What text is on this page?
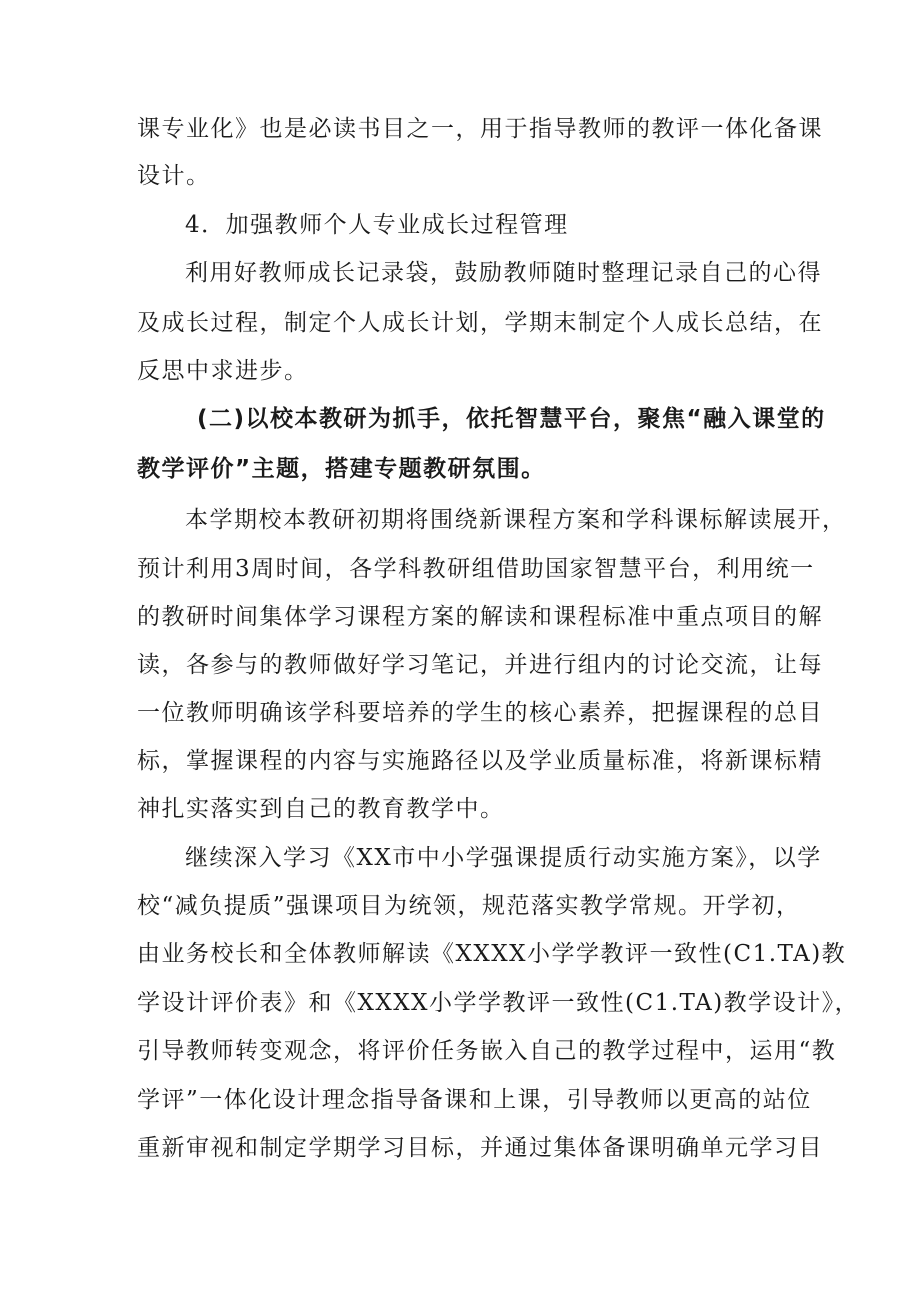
课专业化》也是必读书目之一，用于指导教师的教评一体化备课
设计。
4．加强教师个人专业成长过程管理
利用好教师成长记录袋，鼓励教师随时整理记录自己的心得
及成长过程，制定个人成长计划，学期末制定个人成长总结，在
反思中求进步。
(二)以校本教研为抓手，依托智慧平台，聚焦“融入课堂的
教学评价”主题，搭建专题教研氛围。
本学期校本教研初期将围绕新课程方案和学科课标解读展开，
预计利用3周时间，各学科教研组借助国家智慧平台，利用统一
的教研时间集体学习课程方案的解读和课程标准中重点项目的解
读，各参与的教师做好学习笔记，并进行组内的讨论交流，让每
一位教师明确该学科要培养的学生的核心素养，把握课程的总目
标，掌握课程的内容与实施路径以及学业质量标准，将新课标精
神扎实落实到自己的教育教学中。
继续深入学习《XX市中小学强课提质行动实施方案》，以学
校“减负提质”强课项目为统领，规范落实教学常规。开学初，
由业务校长和全体教师解读《XXXX小学学教评一致性(C1.TA)教
学设计评价表》和《XXXX小学学教评一致性(C1.TA)教学设计》，
引导教师转变观念，将评价任务嵌入自己的教学过程中，运用“教
学评”一体化设计理念指导备课和上课，引导教师以更高的站位
重新审视和制定学期学习目标，并通过集体备课明确单元学习目
